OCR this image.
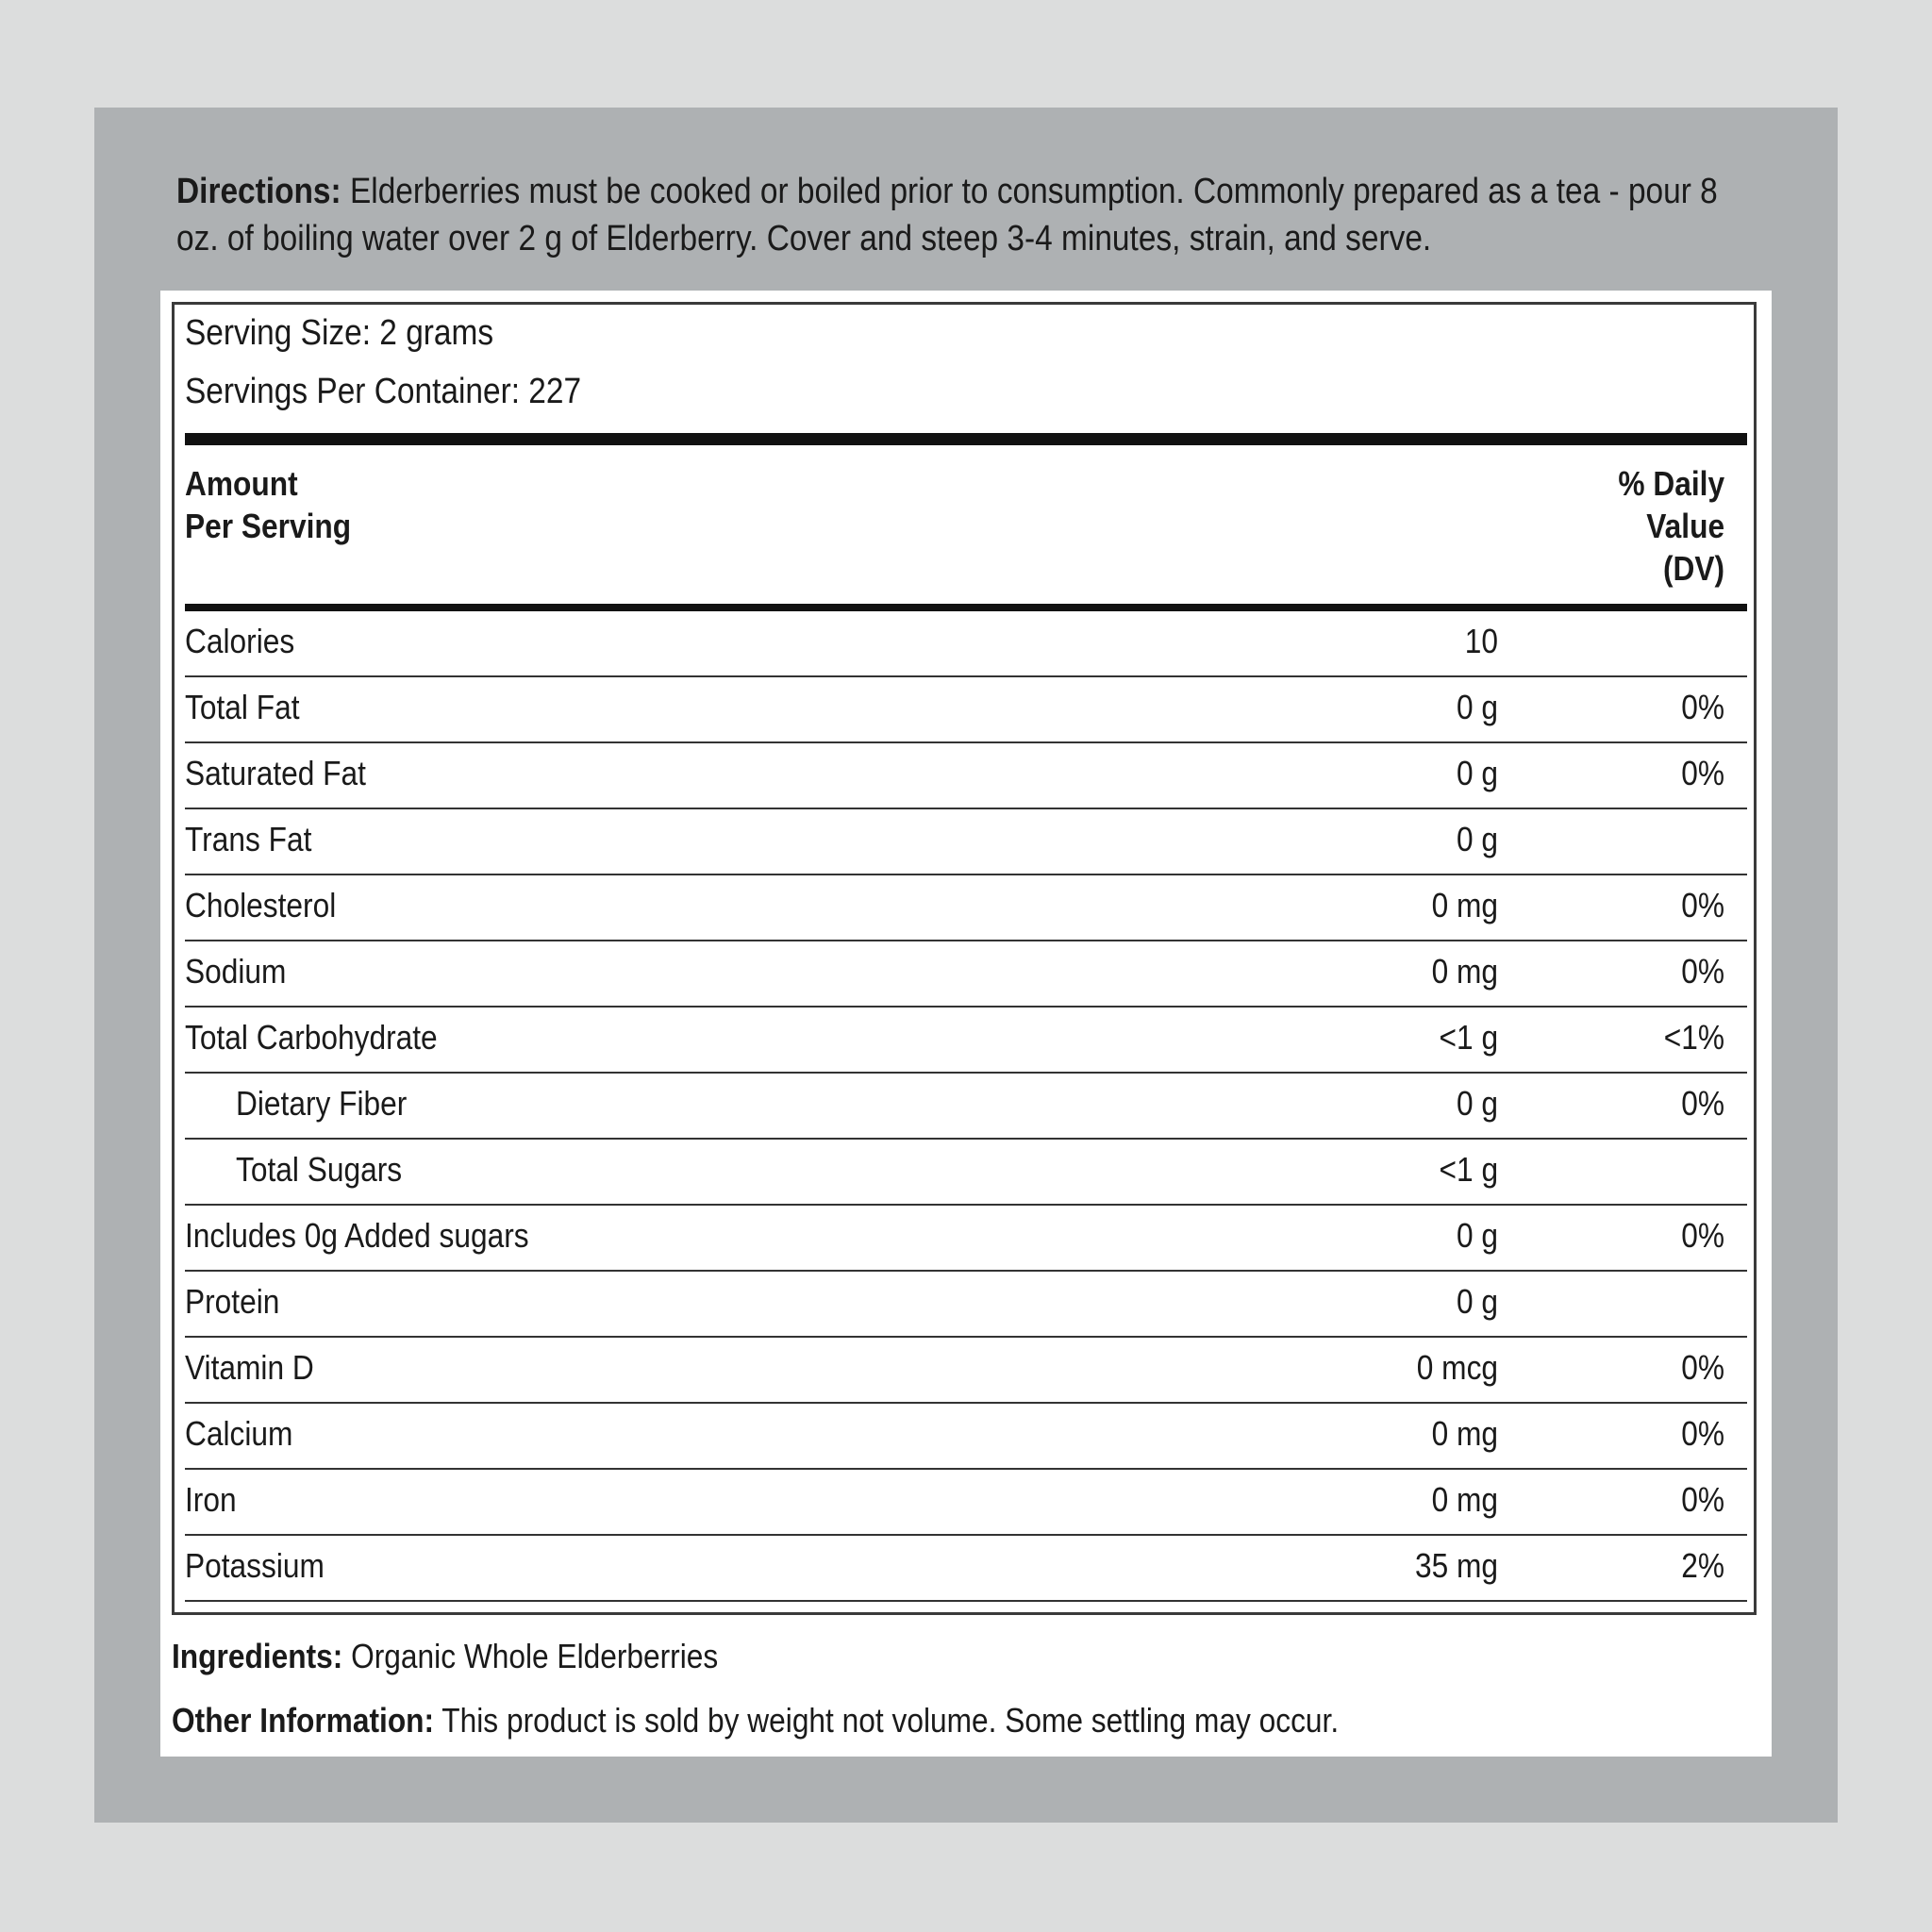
Directions: Elderberries must be cooked or boiled prior to consumption. Commonly prepared as a tea - pour 8 oz. of boiling water over 2 g of Elderberry. Cover and steep 3-4 minutes, strain, and serve.
Serving Size: 2 grams
Servings Per Container: 227
Amount
Per Serving
% Daily
Value
(DV)
Calories	10
Total Fat	0 g	0%
Saturated Fat	0 g	0%
Trans Fat	0 g
Cholesterol	0 mg	0%
Sodium	0 mg	0%
Total Carbohydrate	<1 g	<1%
Dietary Fiber	0 g	0%
Total Sugars	<1 g
Includes 0g Added sugars	0 g	0%
Protein	0 g
Vitamin D	0 mcg	0%
Calcium	0 mg	0%
Iron	0 mg	0%
Potassium	35 mg	2%
Ingredients: Organic Whole Elderberries
Other Information: This product is sold by weight not volume. Some settling may occur.
